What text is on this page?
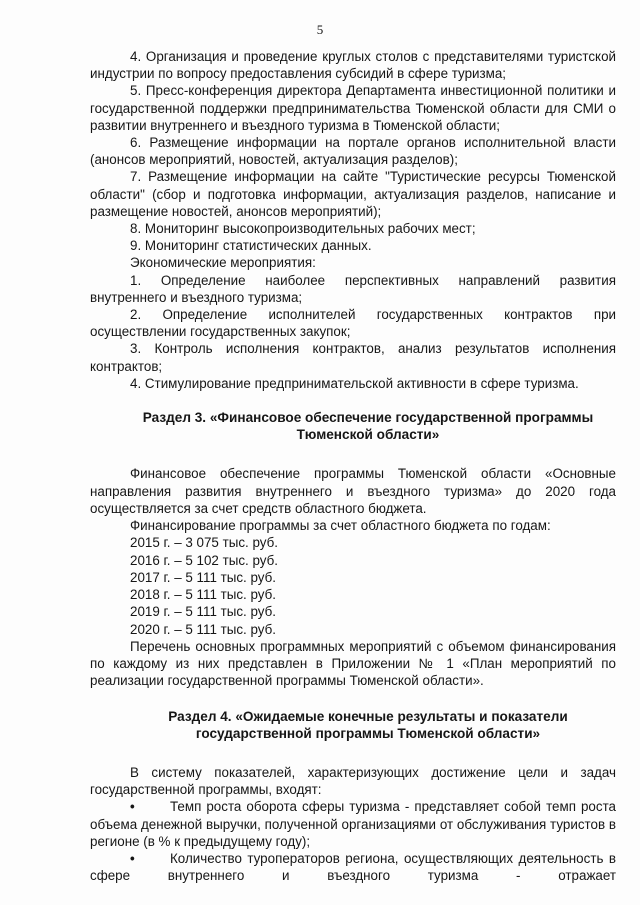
5

4. Организация и проведение круглых столов с представителями туристской индустрии по вопросу предоставления субсидий в сфере туризма;

5. Пресс-конференция директора Департамента инвестиционной политики и государственной поддержки предпринимательства Тюменской области для СМИ о развитии внутреннего и въездного туризма в Тюменской области;

6. Размещение информации на портале органов исполнительной власти (анонсов мероприятий, новостей, актуализация разделов);

7. Размещение информации на сайте "Туристические ресурсы Тюменской области" (сбор и подготовка информации, актуализация разделов, написание и размещение новостей, анонсов мероприятий);

8. Мониторинг высокопроизводительных рабочих мест;

9. Мониторинг статистических данных.

Экономические мероприятия:

1. Определение наиболее перспективных направлений развития внутреннего и въездного туризма;

2. Определение исполнителей государственных контрактов при осуществлении государственных закупок;

3. Контроль исполнения контрактов, анализ результатов исполнения контрактов;

4. Стимулирование предпринимательской активности в сфере туризма.

Раздел 3. «Финансовое обеспечение государственной программы Тюменской области»

Финансовое обеспечение программы Тюменской области «Основные направления развития внутреннего и въездного туризма» до 2020 года осуществляется за счет средств областного бюджета.

Финансирование программы за счет областного бюджета по годам:

2015 г. – 3 075 тыс. руб.
2016 г. – 5 102 тыс. руб.
2017 г. – 5 111 тыс. руб.
2018 г. – 5 111 тыс. руб.
2019 г. – 5 111 тыс. руб.
2020 г. – 5 111 тыс. руб.

Перечень основных программных мероприятий с объемом финансирования по каждому из них представлен в Приложении № 1 «План мероприятий по реализации государственной программы Тюменской области».

Раздел 4. «Ожидаемые конечные результаты и показатели государственной программы Тюменской области»

В систему показателей, характеризующих достижение цели и задач государственной программы, входят:

•	Темп роста оборота сферы туризма - представляет собой темп роста объема денежной выручки, полученной организациями от обслуживания туристов в регионе (в % к предыдущему году);

•	Количество туроператоров региона, осуществляющих деятельность в сфере внутреннего и въездного туризма - отражает
